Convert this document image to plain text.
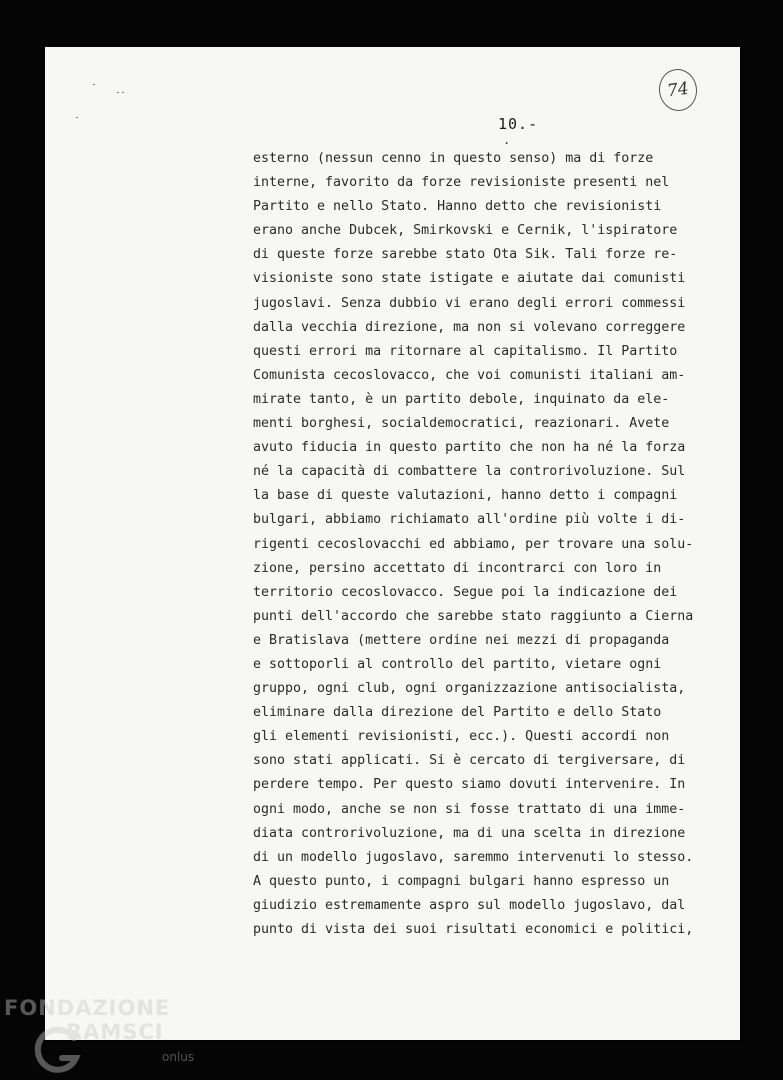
74
10.-
.
esterno (nessun cenno in questo senso) ma di forze
interne, favorito da forze revisioniste presenti nel
Partito e nello Stato. Hanno detto che revisionisti
erano anche Dubcek, Smirkovski e Cernik, l'ispiratore
di queste forze sarebbe stato Ota Sik. Tali forze re-
visioniste sono state istigate e aiutate dai comunisti
jugoslavi. Senza dubbio vi erano degli errori commessi
dalla vecchia direzione, ma non si volevano correggere
questi errori ma ritornare al capitalismo. Il Partito
Comunista cecoslovacco, che voi comunisti italiani am-
mirate tanto, è un partito debole, inquinato da ele-
menti borghesi, socialdemocratici, reazionari. Avete
avuto fiducia in questo partito che non ha né la forza
né la capacità di combattere la controrivoluzione. Sul
la base di queste valutazioni, hanno detto i compagni
bulgari, abbiamo richiamato all'ordine più volte i di-
rigenti cecoslovacchi ed abbiamo, per trovare una solu-
zione, persino accettato di incontrarci con loro in
territorio cecoslovacco. Segue poi la indicazione dei
punti dell'accordo che sarebbe stato raggiunto a Cierna
e Bratislava (mettere ordine nei mezzi di propaganda
e sottoporli al controllo del partito, vietare ogni
gruppo, ogni club, ogni organizzazione antisocialista,
eliminare dalla direzione del Partito e dello Stato
gli elementi revisionisti, ecc.). Questi accordi non
sono stati applicati. Si è cercato di tergiversare, di
perdere tempo. Per questo siamo dovuti intervenire. In
ogni modo, anche se non si fosse trattato di una imme-
diata controrivoluzione, ma di una scelta in direzione
di un modello jugoslavo, saremmo intervenuti lo stesso.
A questo punto, i compagni bulgari hanno espresso un
giudizio estremamente aspro sul modello jugoslavo, dal
punto di vista dei suoi risultati economici e politici,
FONDAZIONE
RAMSCI
onlus
